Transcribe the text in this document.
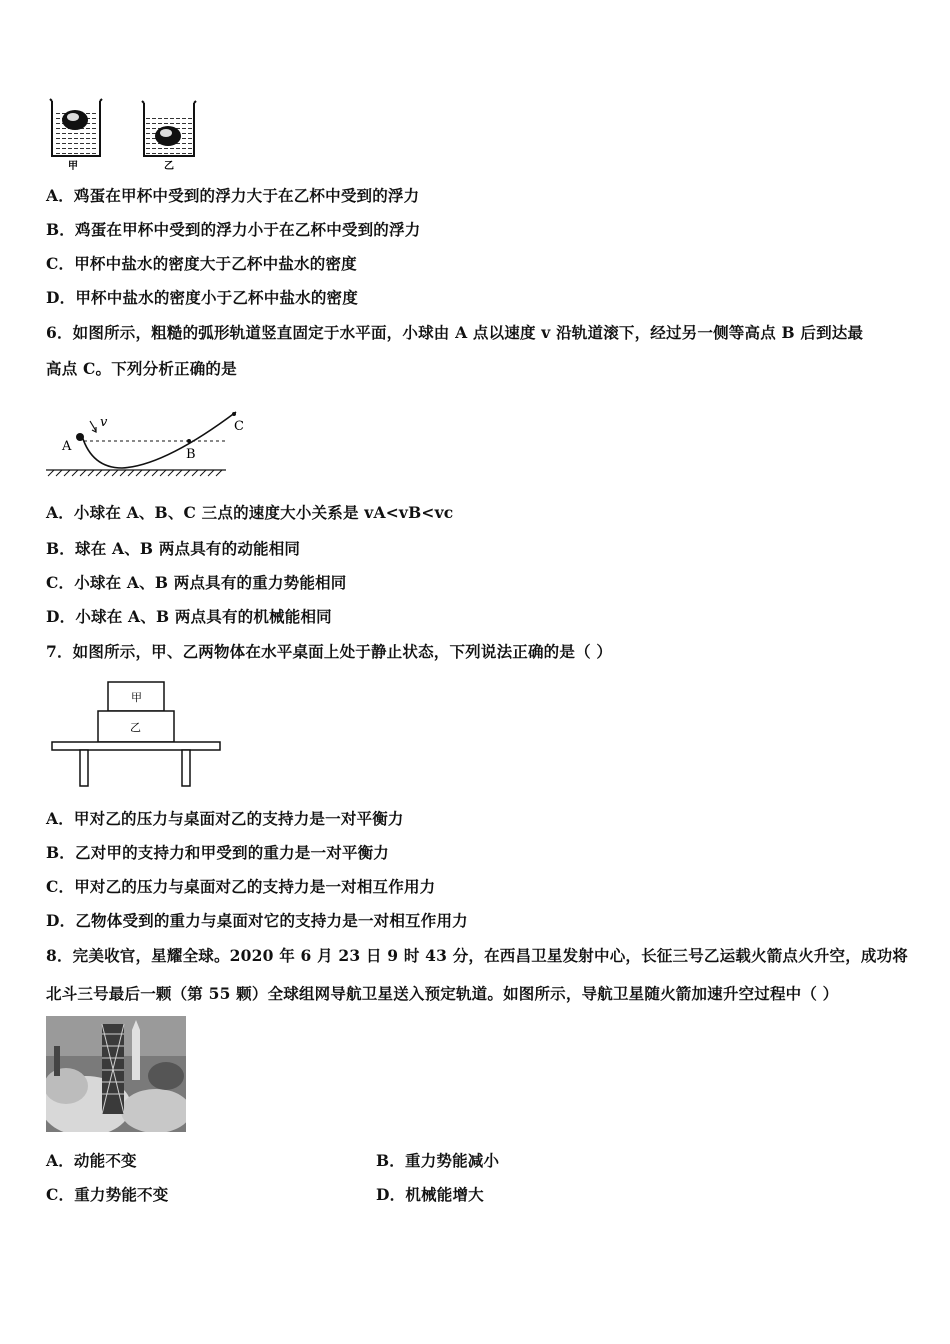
甲	乙
A．鸡蛋在甲杯中受到的浮力大于在乙杯中受到的浮力
B．鸡蛋在甲杯中受到的浮力小于在乙杯中受到的浮力
C．甲杯中盐水的密度大于乙杯中盐水的密度
D．甲杯中盐水的密度小于乙杯中盐水的密度
6．如图所示，粗糙的弧形轨道竖直固定于水平面，小球由 A 点以速度 v 沿轨道滚下，经过另一侧等高点 B 后到达最
高点 C。下列分析正确的是
A
v
B
C
A．小球在 A、B、C 三点的速度大小关系是 vA<vB<vc
B．球在 A、B 两点具有的动能相同
C．小球在 A、B 两点具有的重力势能相同
D．小球在 A、B 两点具有的机械能相同
7．如图所示，甲、乙两物体在水平桌面上处于静止状态，下列说法正确的是（ ）
甲
乙
A．甲对乙的压力与桌面对乙的支持力是一对平衡力
B．乙对甲的支持力和甲受到的重力是一对平衡力
C．甲对乙的压力与桌面对乙的支持力是一对相互作用力
D．乙物体受到的重力与桌面对它的支持力是一对相互作用力
8．完美收官，星耀全球。2020 年 6 月 23 日 9 时 43 分，在西昌卫星发射中心，长征三号乙运载火箭点火升空，成功将
北斗三号最后一颗（第 55 颗）全球组网导航卫星送入预定轨道。如图所示，导航卫星随火箭加速升空过程中（ ）
A．动能不变	B．重力势能减小
C．重力势能不变	D．机械能增大
